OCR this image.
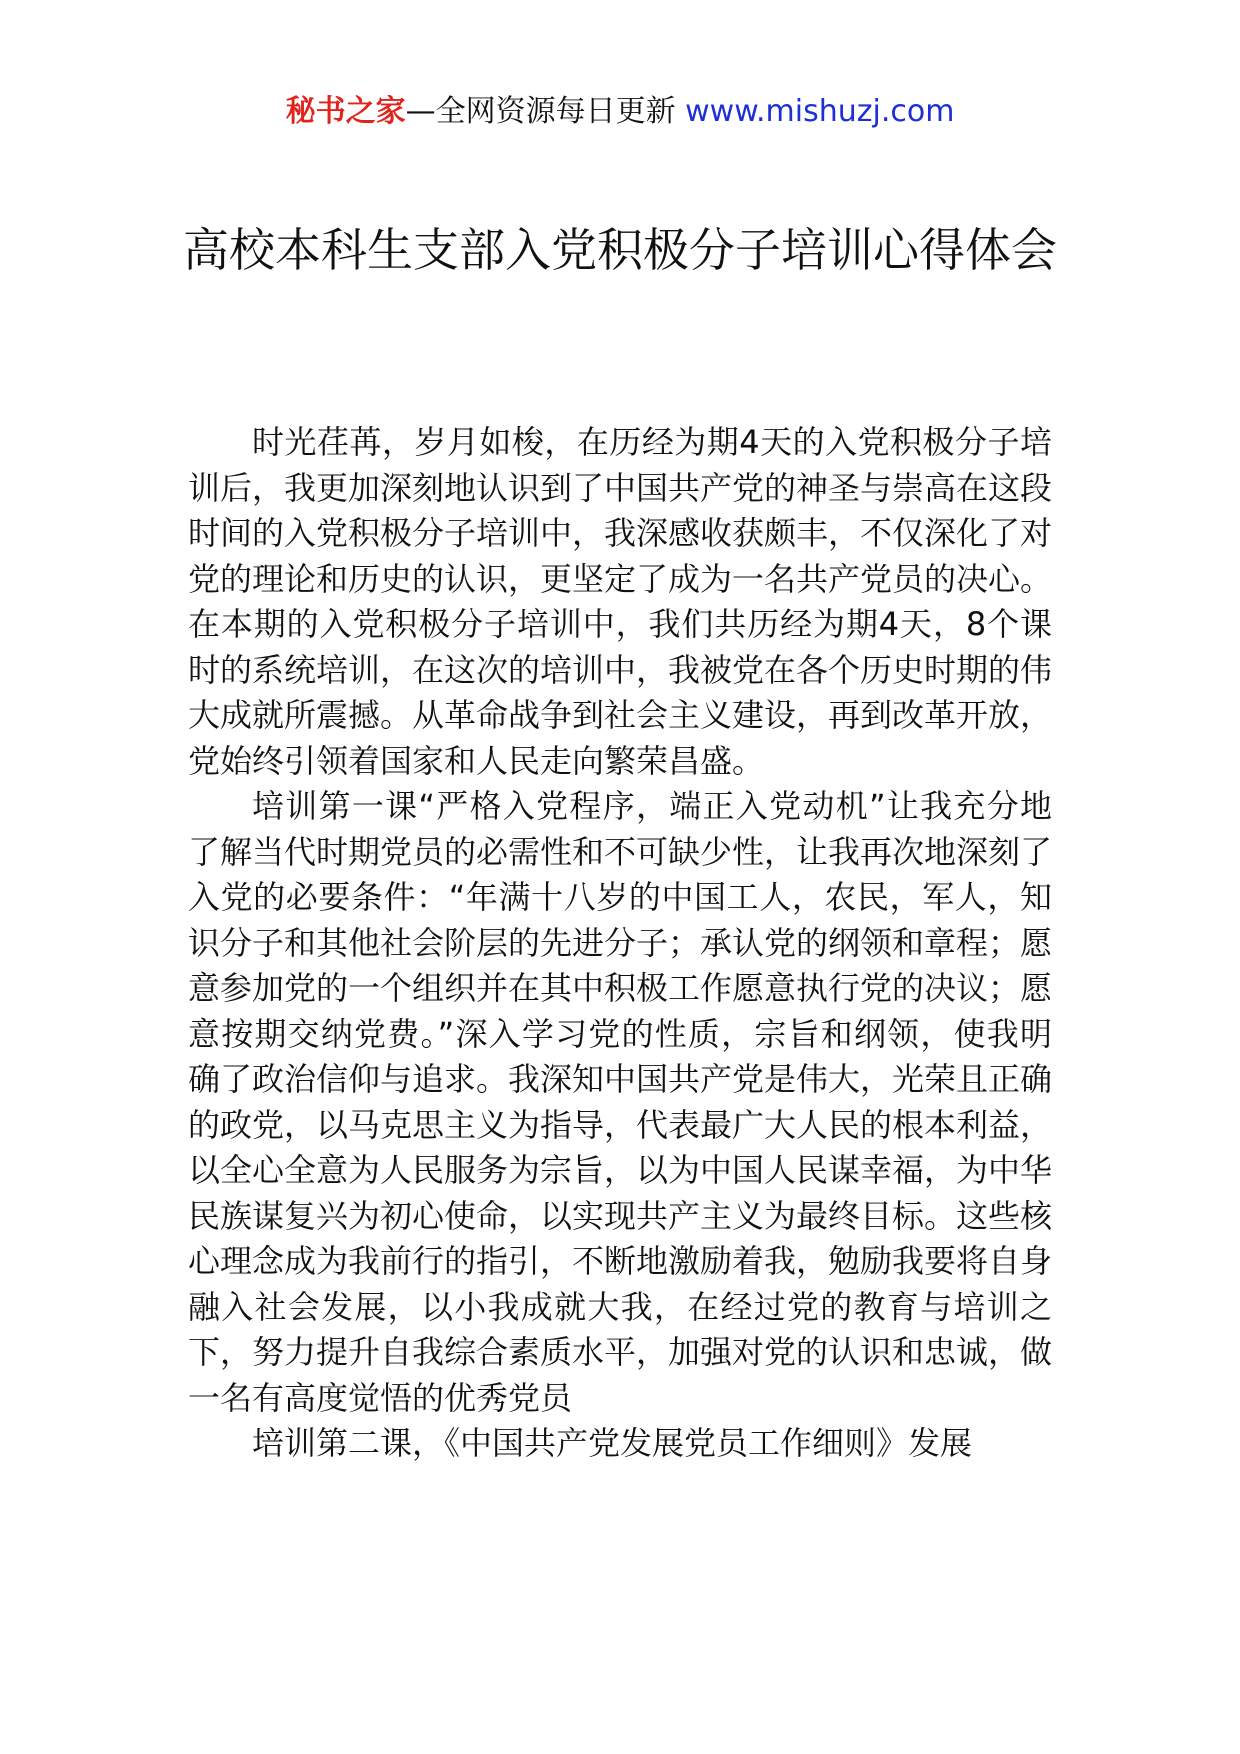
秘书之家—全网资源每日更新 www.mishuzj.com
高校本科生支部入党积极分子培训心得体会

时光荏苒，岁月如梭，在历经为期4天的入党积极分子培训后，我更加深刻地认识到了中国共产党的神圣与崇高在这段时间的入党积极分子培训中，我深感收获颇丰，不仅深化了对党的理论和历史的认识，更坚定了成为一名共产党员的决心。在本期的入党积极分子培训中，我们共历经为期4天，8个课时的系统培训，在这次的培训中，我被党在各个历史时期的伟大成就所震撼。从革命战争到社会主义建设，再到改革开放，党始终引领着国家和人民走向繁荣昌盛。

培训第一课“严格入党程序，端正入党动机”让我充分地了解当代时期党员的必需性和不可缺少性，让我再次地深刻了入党的必要条件：“年满十八岁的中国工人，农民，军人，知识分子和其他社会阶层的先进分子；承认党的纲领和章程；愿意参加党的一个组织并在其中积极工作愿意执行党的决议；愿意按期交纳党费。”深入学习党的性质，宗旨和纲领，使我明确了政治信仰与追求。我深知中国共产党是伟大，光荣且正确的政党，以马克思主义为指导，代表最广大人民的根本利益，以全心全意为人民服务为宗旨，以为中国人民谋幸福，为中华民族谋复兴为初心使命，以实现共产主义为最终目标。这些核心理念成为我前行的指引，不断地激励着我，勉励我要将自身融入社会发展，以小我成就大我，在经过党的教育与培训之下，努力提升自我综合素质水平，加强对党的认识和忠诚，做一名有高度觉悟的优秀党员

培训第二课，《中国共产党发展党员工作细则》发展
